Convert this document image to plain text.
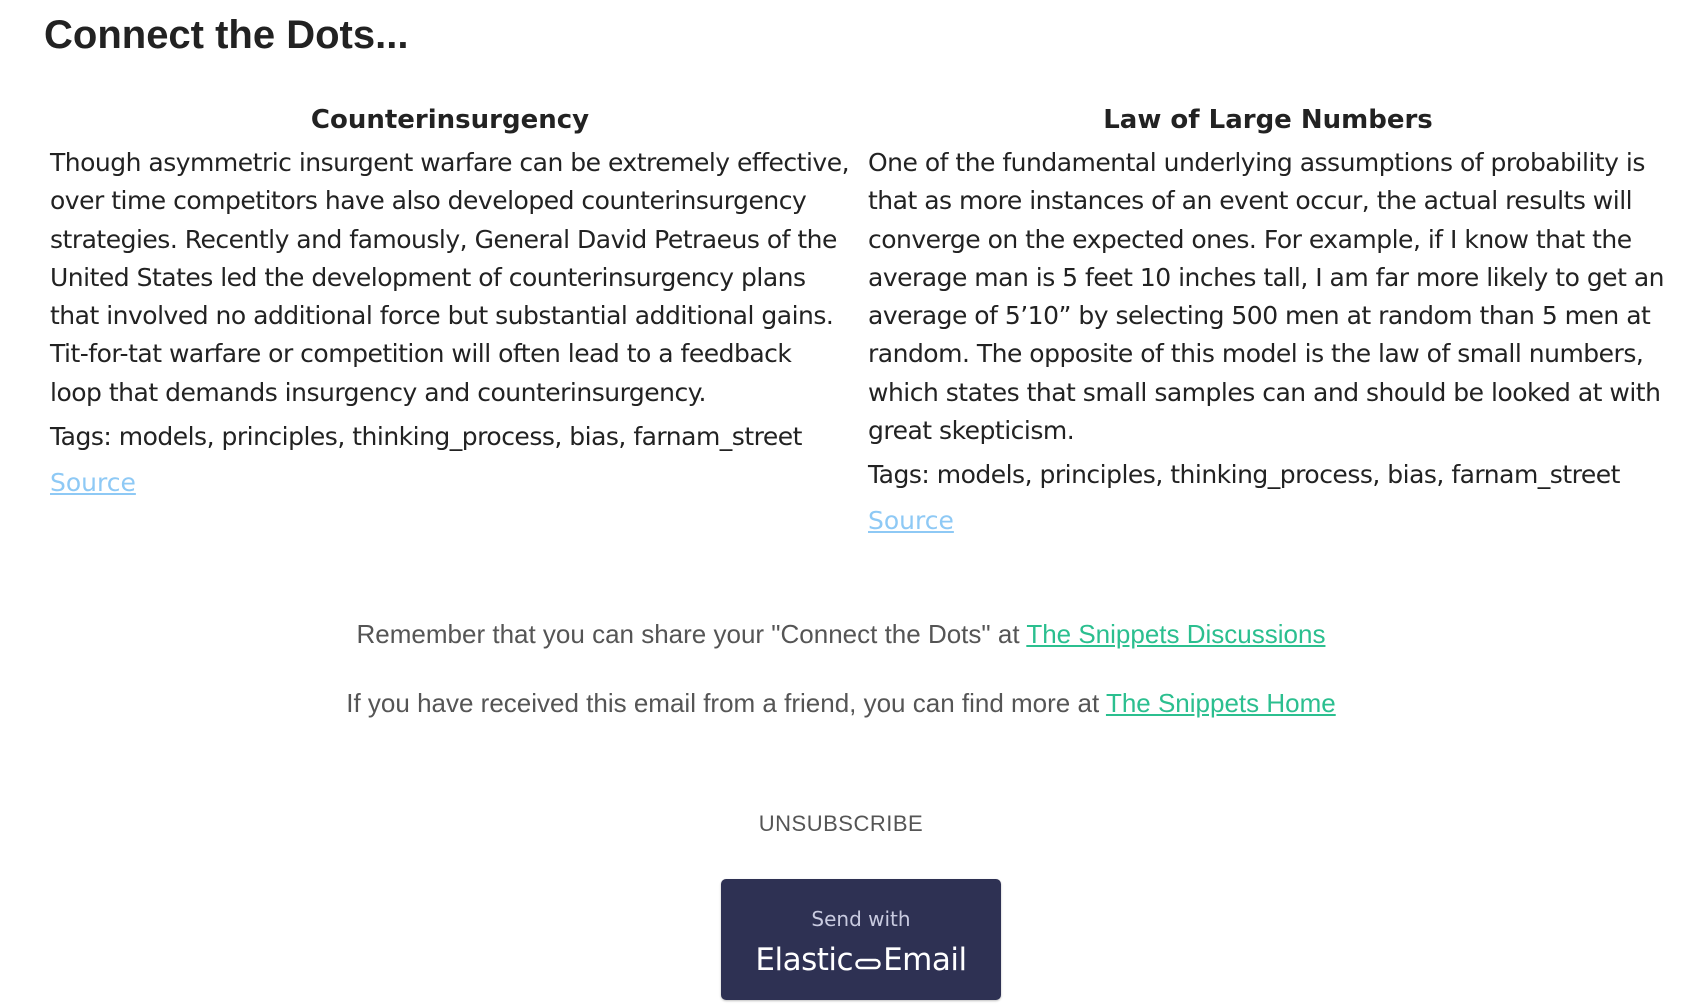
Connect the Dots...
Counterinsurgency

Though asymmetric insurgent warfare can be extremely effective, over time competitors have also developed counterinsurgency strategies. Recently and famously, General David Petraeus of the United States led the development of counterinsurgency plans that involved no additional force but substantial additional gains. Tit-for-tat warfare or competition will often lead to a feedback loop that demands insurgency and counterinsurgency.

Tags: models, principles, thinking_process, bias, farnam_street

Source
Law of Large Numbers

One of the fundamental underlying assumptions of probability is that as more instances of an event occur, the actual results will converge on the expected ones. For example, if I know that the average man is 5 feet 10 inches tall, I am far more likely to get an average of 5’10” by selecting 500 men at random than 5 men at random. The opposite of this model is the law of small numbers, which states that small samples can and should be looked at with great skepticism.

Tags: models, principles, thinking_process, bias, farnam_street

Source
Remember that you can share your "Connect the Dots" at The Snippets Discussions
If you have received this email from a friend, you can find more at The Snippets Home
UNSUBSCRIBE
Send with
Elastic Email
